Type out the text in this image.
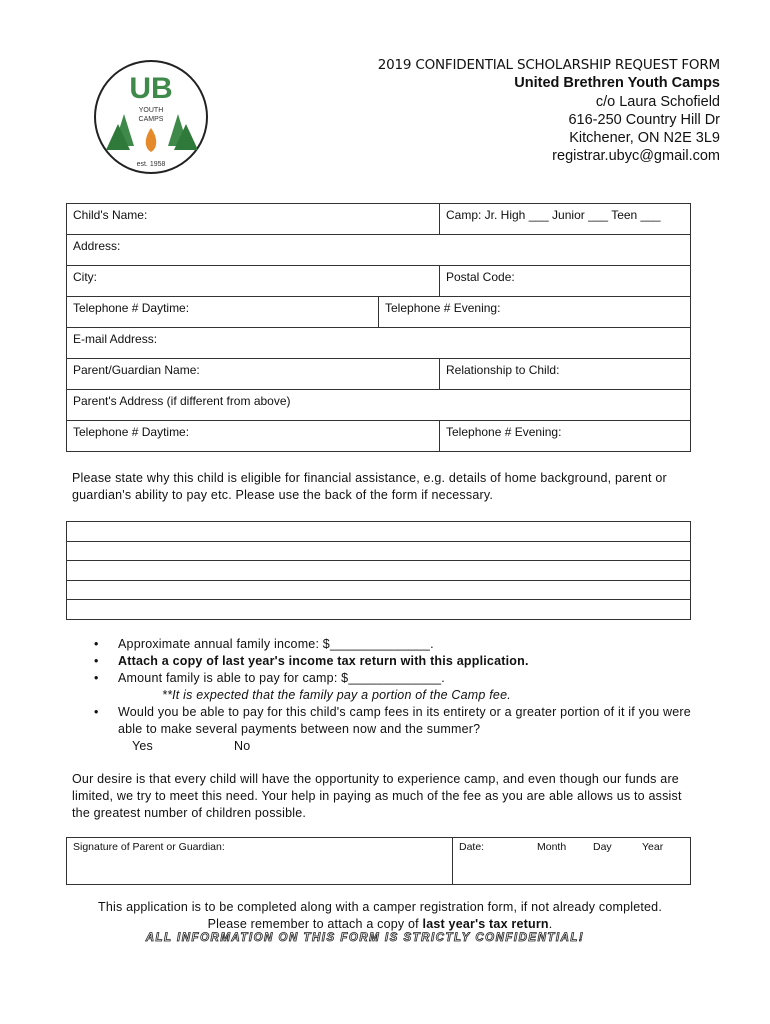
UB
YOUTH
CAMPS
est. 1958
2019 CONFIDENTIAL SCHOLARSHIP REQUEST FORM
United Brethren Youth Camps
c/o Laura Schofield
616-250 Country Hill Dr
Kitchener, ON N2E 3L9
registrar.ubyc@gmail.com
Child's Name:	Camp: Jr. High ___ Junior ___ Teen ___
Address:
City:	Postal Code:
Telephone # Daytime:	Telephone # Evening:
E-mail Address:
Parent/Guardian Name:	Relationship to Child:
Parent's Address (if different from above)
Telephone # Daytime:	Telephone # Evening:
Please state why this child is eligible for financial assistance, e.g. details of home background, parent or guardian's ability to pay etc. Please use the back of the form if necessary.
•	Approximate annual family income: $______________.
•	Attach a copy of last year's income tax return with this application.
•	Amount family is able to pay for camp: $_____________.
**It is expected that the family pay a portion of the Camp fee.
•	Would you be able to pay for this child's camp fees in its entirety or a greater portion of it if you were able to make several payments between now and the summer?
Yes	No
Our desire is that every child will have the opportunity to experience camp, and even though our funds are limited, we try to meet this need. Your help in paying as much of the fee as you are able allows us to assist the greatest number of children possible.
Signature of Parent or Guardian:	Date:	Month	Day	Year
This application is to be completed along with a camper registration form, if not already completed.
Please remember to attach a copy of last year's tax return.
ALL INFORMATION ON THIS FORM IS STRICTLY CONFIDENTIAL!
